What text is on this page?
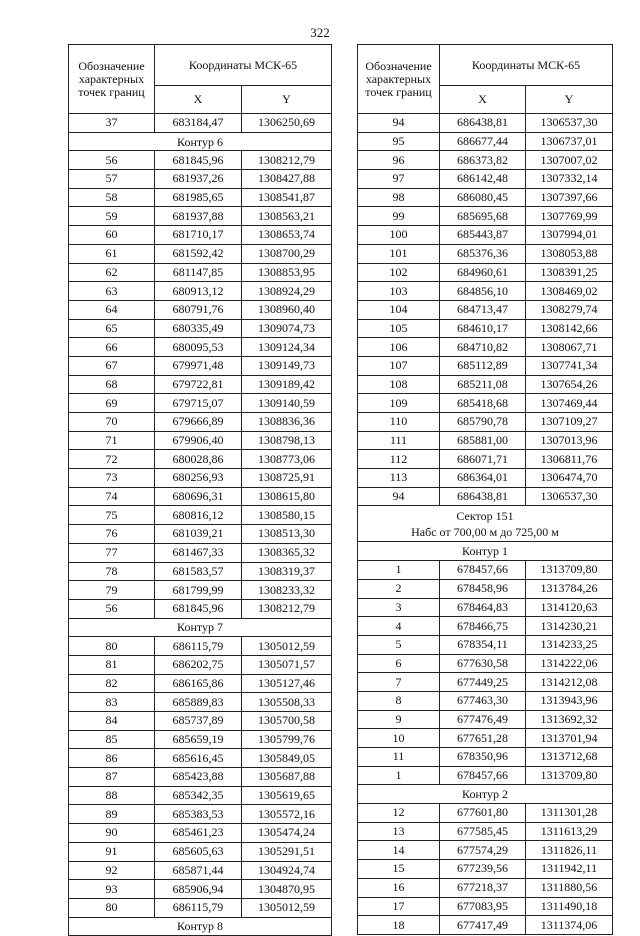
322
Обозначение характерных точек границ	Координаты МСК-65	
	X	Y
37	683184,47	1306250,69
Контур 6		
56	681845,96	1308212,79
57	681937,26	1308427,88
58	681985,65	1308541,87
59	681937,88	1308563,21
60	681710,17	1308653,74
61	681592,42	1308700,29
62	681147,85	1308853,95
63	680913,12	1308924,29
64	680791,76	1308960,40
65	680335,49	1309074,73
66	680095,53	1309124,34
67	679971,48	1309149,73
68	679722,81	1309189,42
69	679715,07	1309140,59
70	679666,89	1308836,36
71	679906,40	1308798,13
72	680028,86	1308773,06
73	680256,93	1308725,91
74	680696,31	1308615,80
75	680816,12	1308580,15
76	681039,21	1308513,30
77	681467,33	1308365,32
78	681583,57	1308319,37
79	681799,99	1308233,32
56	681845,96	1308212,79
Контур 7		
80	686115,79	1305012,59
81	686202,75	1305071,57
82	686165,86	1305127,46
83	685889,83	1305508,33
84	685737,89	1305700,58
85	685659,19	1305799,76
86	685616,45	1305849,05
87	685423,88	1305687,88
88	685342,35	1305619,65
89	685383,53	1305572,16
90	685461,23	1305474,24
91	685605,63	1305291,51
92	685871,44	1304924,74
93	685906,94	1304870,95
80	686115,79	1305012,59
Контур 8		
Обозначение характерных точек границ	Координаты МСК-65	
	X	Y
94	686438,81	1306537,30
95	686677,44	1306737,01
96	686373,82	1307007,02
97	686142,48	1307332,14
98	686080,45	1307397,66
99	685695,68	1307769,99
100	685443,87	1307994,01
101	685376,36	1308053,88
102	684960,61	1308391,25
103	684856,10	1308469,02
104	684713,47	1308279,74
105	684610,17	1308142,66
106	684710,82	1308067,71
107	685112,89	1307741,34
108	685211,08	1307654,26
109	685418,68	1307469,44
110	685790,78	1307109,27
111	685881,00	1307013,96
112	686071,71	1306811,76
113	686364,01	1306474,70
94	686438,81	1306537,30
Сектор 151
Набс от 700,00 м до 725,00 м		
Контур 1		
1	678457,66	1313709,80
2	678458,96	1313784,26
3	678464,83	1314120,63
4	678466,75	1314230,21
5	678354,11	1314233,25
6	677630,58	1314222,06
7	677449,25	1314212,08
8	677463,30	1313943,96
9	677476,49	1313692,32
10	677651,28	1313701,94
11	678350,96	1313712,68
1	678457,66	1313709,80
Контур 2		
12	677601,80	1311301,28
13	677585,45	1311613,29
14	677574,29	1311826,11
15	677239,56	1311942,11
16	677218,37	1311880,56
17	677083,95	1311490,18
18	677417,49	1311374,06
